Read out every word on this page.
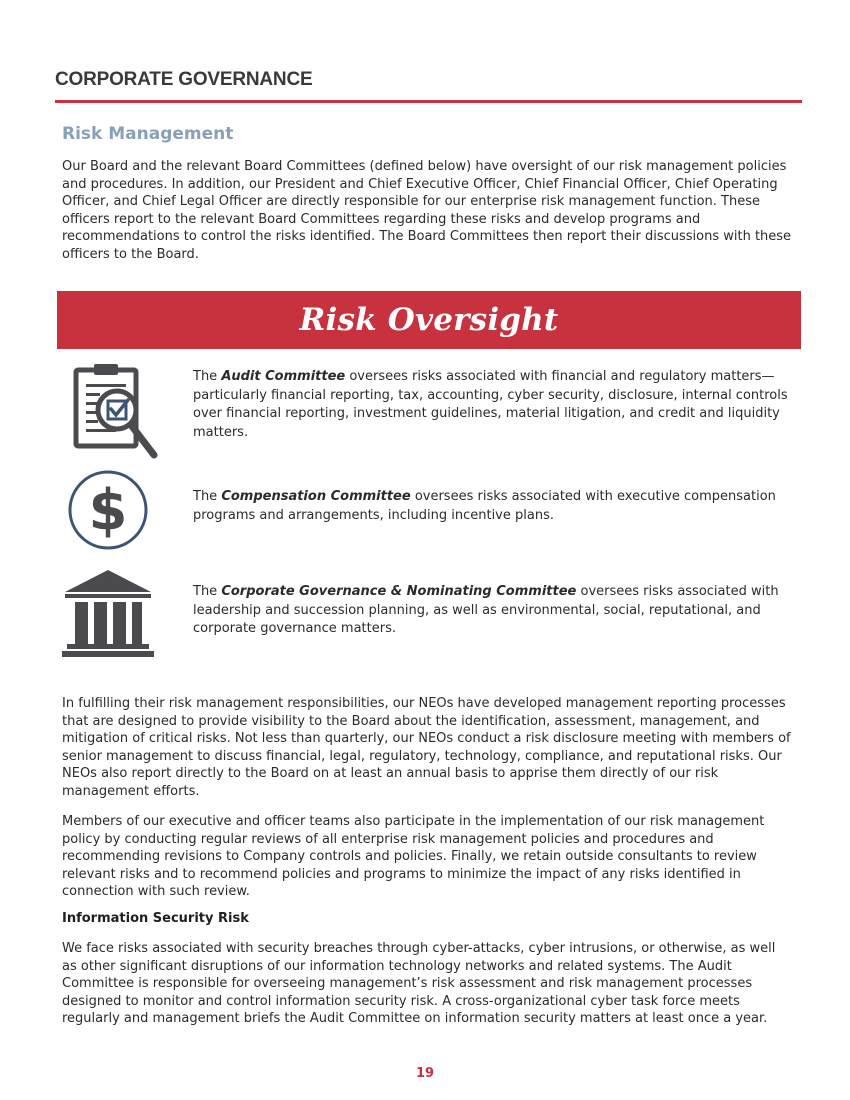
CORPORATE GOVERNANCE
Risk Management

Our Board and the relevant Board Committees (defined below) have oversight of our risk management policies and procedures. In addition, our President and Chief Executive Officer, Chief Financial Officer, Chief Operating Officer, and Chief Legal Officer are directly responsible for our enterprise risk management function. These officers report to the relevant Board Committees regarding these risks and develop programs and recommendations to control the risks identified. The Board Committees then report their discussions with these officers to the Board.

Risk Oversight

The Audit Committee oversees risks associated with financial and regulatory matters—particularly financial reporting, tax, accounting, cyber security, disclosure, internal controls over financial reporting, investment guidelines, material litigation, and credit and liquidity matters.

$	The Compensation Committee oversees risks associated with executive compensation programs and arrangements, including incentive plans.

The Corporate Governance & Nominating Committee oversees risks associated with leadership and succession planning, as well as environmental, social, reputational, and corporate governance matters.

In fulfilling their risk management responsibilities, our NEOs have developed management reporting processes that are designed to provide visibility to the Board about the identification, assessment, management, and mitigation of critical risks. Not less than quarterly, our NEOs conduct a risk disclosure meeting with members of senior management to discuss financial, legal, regulatory, technology, compliance, and reputational risks. Our NEOs also report directly to the Board on at least an annual basis to apprise them directly of our risk management efforts.

Members of our executive and officer teams also participate in the implementation of our risk management policy by conducting regular reviews of all enterprise risk management policies and procedures and recommending revisions to Company controls and policies. Finally, we retain outside consultants to review relevant risks and to recommend policies and programs to minimize the impact of any risks identified in connection with such review.

Information Security Risk

We face risks associated with security breaches through cyber-attacks, cyber intrusions, or otherwise, as well as other significant disruptions of our information technology networks and related systems. The Audit Committee is responsible for overseeing management’s risk assessment and risk management processes designed to monitor and control information security risk. A cross-organizational cyber task force meets regularly and management briefs the Audit Committee on information security matters at least once a year.

19
